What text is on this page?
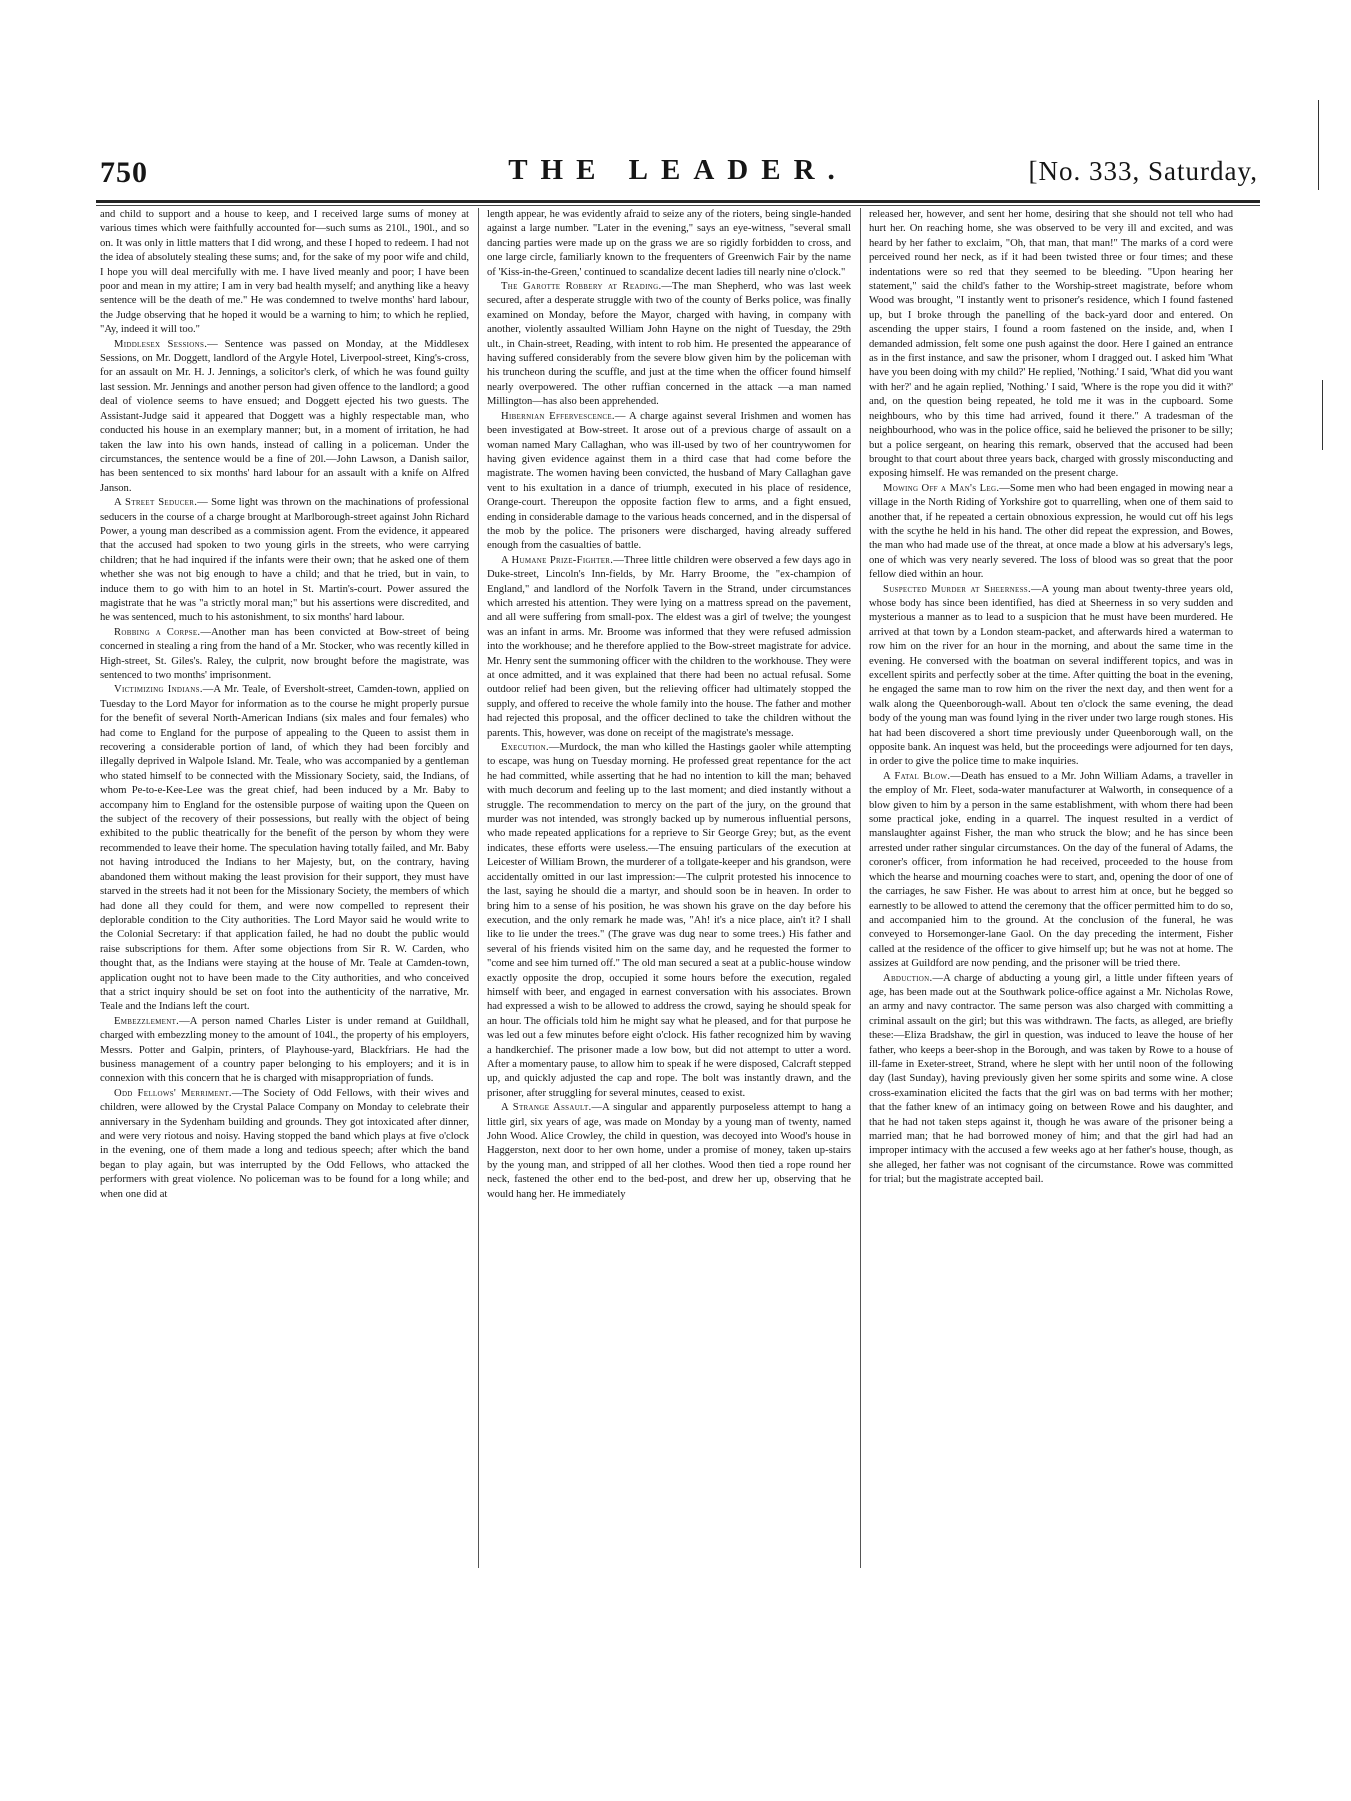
750	THE LEADER.	[No. 333, Saturday,

and child to support and a house to keep, and I received large sums of money at various times which were faithfully accounted for—such sums as 210l., 190l., and so on. It was only in little matters that I did wrong, and these I hoped to redeem. I had not the idea of absolutely stealing these sums; and, for the sake of my poor wife and child, I hope you will deal mercifully with me. I have lived meanly and poor; I have been poor and mean in my attire; I am in very bad health myself; and anything like a heavy sentence will be the death of me." He was condemned to twelve months' hard labour, the Judge observing that he hoped it would be a warning to him; to which he replied, "Ay, indeed it will too."

Middlesex Sessions.— Sentence was passed on Monday, at the Middlesex Sessions, on Mr. Doggett, landlord of the Argyle Hotel, Liverpool-street, King's-cross, for an assault on Mr. H. J. Jennings, a solicitor's clerk, of which he was found guilty last session. Mr. Jennings and another person had given offence to the landlord; a good deal of violence seems to have ensued; and Doggett ejected his two guests. The Assistant-Judge said it appeared that Doggett was a highly respectable man, who conducted his house in an exemplary manner; but, in a moment of irritation, he had taken the law into his own hands, instead of calling in a policeman. Under the circumstances, the sentence would be a fine of 20l.—John Lawson, a Danish sailor, has been sentenced to six months' hard labour for an assault with a knife on Alfred Janson.

A Street Seducer.— Some light was thrown on the machinations of professional seducers in the course of a charge brought at Marlborough-street against John Richard Power, a young man described as a commission agent. From the evidence, it appeared that the accused had spoken to two young girls in the streets, who were carrying children; that he had inquired if the infants were their own; that he asked one of them whether she was not big enough to have a child; and that he tried, but in vain, to induce them to go with him to an hotel in St. Martin's-court. Power assured the magistrate that he was "a strictly moral man;" but his assertions were discredited, and he was sentenced, much to his astonishment, to six months' hard labour.

Robbing a Corpse.—Another man has been convicted at Bow-street of being concerned in stealing a ring from the hand of a Mr. Stocker, who was recently killed in High-street, St. Giles's. Raley, the culprit, now brought before the magistrate, was sentenced to two months' imprisonment.

Victimizing Indians.—A Mr. Teale, of Eversholt-street, Camden-town, applied on Tuesday to the Lord Mayor for information as to the course he might properly pursue for the benefit of several North-American Indians (six males and four females) who had come to England for the purpose of appealing to the Queen to assist them in recovering a considerable portion of land, of which they had been forcibly and illegally deprived in Walpole Island. Mr. Teale, who was accompanied by a gentleman who stated himself to be connected with the Missionary Society, said, the Indians, of whom Pe-to-e-Kee-Lee was the great chief, had been induced by a Mr. Baby to accompany him to England for the ostensible purpose of waiting upon the Queen on the subject of the recovery of their possessions, but really with the object of being exhibited to the public theatrically for the benefit of the person by whom they were recommended to leave their home. The speculation having totally failed, and Mr. Baby not having introduced the Indians to her Majesty, but, on the contrary, having abandoned them without making the least provision for their support, they must have starved in the streets had it not been for the Missionary Society, the members of which had done all they could for them, and were now compelled to represent their deplorable condition to the City authorities. The Lord Mayor said he would write to the Colonial Secretary: if that application failed, he had no doubt the public would raise subscriptions for them. After some objections from Sir R. W. Carden, who thought that, as the Indians were staying at the house of Mr. Teale at Camden-town, application ought not to have been made to the City authorities, and who conceived that a strict inquiry should be set on foot into the authenticity of the narrative, Mr. Teale and the Indians left the court.

Embezzlement.—A person named Charles Lister is under remand at Guildhall, charged with embezzling money to the amount of 104l., the property of his employers, Messrs. Potter and Galpin, printers, of Playhouse-yard, Blackfriars. He had the business management of a country paper belonging to his employers; and it is in connexion with this concern that he is charged with misappropriation of funds.

Odd Fellows' Merriment.—The Society of Odd Fellows, with their wives and children, were allowed by the Crystal Palace Company on Monday to celebrate their anniversary in the Sydenham building and grounds. They got intoxicated after dinner, and were very riotous and noisy. Having stopped the band which plays at five o'clock in the evening, one of them made a long and tedious speech; after which the band began to play again, but was interrupted by the Odd Fellows, who attacked the performers with great violence. No policeman was to be found for a long while; and when one did at

length appear, he was evidently afraid to seize any of the rioters, being single-handed against a large number. "Later in the evening," says an eye-witness, "several small dancing parties were made up on the grass we are so rigidly forbidden to cross, and one large circle, familiarly known to the frequenters of Greenwich Fair by the name of 'Kiss-in-the-Green,' continued to scandalize decent ladies till nearly nine o'clock."

The Garotte Robbery at Reading.—The man Shepherd, who was last week secured, after a desperate struggle with two of the county of Berks police, was finally examined on Monday, before the Mayor, charged with having, in company with another, violently assaulted William John Hayne on the night of Tuesday, the 29th ult., in Chain-street, Reading, with intent to rob him. He presented the appearance of having suffered considerably from the severe blow given him by the policeman with his truncheon during the scuffle, and just at the time when the officer found himself nearly overpowered. The other ruffian concerned in the attack —a man named Millington—has also been apprehended.

Hibernian Effervescence.— A charge against several Irishmen and women has been investigated at Bow-street. It arose out of a previous charge of assault on a woman named Mary Callaghan, who was ill-used by two of her countrywomen for having given evidence against them in a third case that had come before the magistrate. The women having been convicted, the husband of Mary Callaghan gave vent to his exultation in a dance of triumph, executed in his place of residence, Orange-court. Thereupon the opposite faction flew to arms, and a fight ensued, ending in considerable damage to the various heads concerned, and in the dispersal of the mob by the police. The prisoners were discharged, having already suffered enough from the casualties of battle.

A Humane Prize-Fighter.—Three little children were observed a few days ago in Duke-street, Lincoln's Inn-fields, by Mr. Harry Broome, the "ex-champion of England," and landlord of the Norfolk Tavern in the Strand, under circumstances which arrested his attention. They were lying on a mattress spread on the pavement, and all were suffering from small-pox. The eldest was a girl of twelve; the youngest was an infant in arms. Mr. Broome was informed that they were refused admission into the workhouse; and he therefore applied to the Bow-street magistrate for advice. Mr. Henry sent the summoning officer with the children to the workhouse. They were at once admitted, and it was explained that there had been no actual refusal. Some outdoor relief had been given, but the relieving officer had ultimately stopped the supply, and offered to receive the whole family into the house. The father and mother had rejected this proposal, and the officer declined to take the children without the parents. This, however, was done on receipt of the magistrate's message.

Execution.—Murdock, the man who killed the Hastings gaoler while attempting to escape, was hung on Tuesday morning. He professed great repentance for the act he had committed, while asserting that he had no intention to kill the man; behaved with much decorum and feeling up to the last moment; and died instantly without a struggle. The recommendation to mercy on the part of the jury, on the ground that murder was not intended, was strongly backed up by numerous influential persons, who made repeated applications for a reprieve to Sir George Grey; but, as the event indicates, these efforts were useless.—The ensuing particulars of the execution at Leicester of William Brown, the murderer of a tollgate-keeper and his grandson, were accidentally omitted in our last impression:—The culprit protested his innocence to the last, saying he should die a martyr, and should soon be in heaven. In order to bring him to a sense of his position, he was shown his grave on the day before his execution, and the only remark he made was, "Ah! it's a nice place, ain't it? I shall like to lie under the trees." (The grave was dug near to some trees.) His father and several of his friends visited him on the same day, and he requested the former to "come and see him turned off." The old man secured a seat at a public-house window exactly opposite the drop, occupied it some hours before the execution, regaled himself with beer, and engaged in earnest conversation with his associates. Brown had expressed a wish to be allowed to address the crowd, saying he should speak for an hour. The officials told him he might say what he pleased, and for that purpose he was led out a few minutes before eight o'clock. His father recognized him by waving a handkerchief. The prisoner made a low bow, but did not attempt to utter a word. After a momentary pause, to allow him to speak if he were disposed, Calcraft stepped up, and quickly adjusted the cap and rope. The bolt was instantly drawn, and the prisoner, after struggling for several minutes, ceased to exist.

A Strange Assault.—A singular and apparently purposeless attempt to hang a little girl, six years of age, was made on Monday by a young man of twenty, named John Wood. Alice Crowley, the child in question, was decoyed into Wood's house in Haggerston, next door to her own home, under a promise of money, taken up-stairs by the young man, and stripped of all her clothes. Wood then tied a rope round her neck, fastened the other end to the bed-post, and drew her up, observing that he would hang her. He immediately

released her, however, and sent her home, desiring that she should not tell who had hurt her. On reaching home, she was observed to be very ill and excited, and was heard by her father to exclaim, "Oh, that man, that man!" The marks of a cord were perceived round her neck, as if it had been twisted three or four times; and these indentations were so red that they seemed to be bleeding. "Upon hearing her statement," said the child's father to the Worship-street magistrate, before whom Wood was brought, "I instantly went to prisoner's residence, which I found fastened up, but I broke through the panelling of the back-yard door and entered. On ascending the upper stairs, I found a room fastened on the inside, and, when I demanded admission, felt some one push against the door. Here I gained an entrance as in the first instance, and saw the prisoner, whom I dragged out. I asked him 'What have you been doing with my child?' He replied, 'Nothing.' I said, 'What did you want with her?' and he again replied, 'Nothing.' I said, 'Where is the rope you did it with?' and, on the question being repeated, he told me it was in the cupboard. Some neighbours, who by this time had arrived, found it there." A tradesman of the neighbourhood, who was in the police office, said he believed the prisoner to be silly; but a police sergeant, on hearing this remark, observed that the accused had been brought to that court about three years back, charged with grossly misconducting and exposing himself. He was remanded on the present charge.

Mowing Off a Man's Leg.—Some men who had been engaged in mowing near a village in the North Riding of Yorkshire got to quarrelling, when one of them said to another that, if he repeated a certain obnoxious expression, he would cut off his legs with the scythe he held in his hand. The other did repeat the expression, and Bowes, the man who had made use of the threat, at once made a blow at his adversary's legs, one of which was very nearly severed. The loss of blood was so great that the poor fellow died within an hour.

Suspected Murder at Sheerness.—A young man about twenty-three years old, whose body has since been identified, has died at Sheerness in so very sudden and mysterious a manner as to lead to a suspicion that he must have been murdered. He arrived at that town by a London steam-packet, and afterwards hired a waterman to row him on the river for an hour in the morning, and about the same time in the evening. He conversed with the boatman on several indifferent topics, and was in excellent spirits and perfectly sober at the time. After quitting the boat in the evening, he engaged the same man to row him on the river the next day, and then went for a walk along the Queenborough-wall. About ten o'clock the same evening, the dead body of the young man was found lying in the river under two large rough stones. His hat had been discovered a short time previously under Queenborough wall, on the opposite bank. An inquest was held, but the proceedings were adjourned for ten days, in order to give the police time to make inquiries.

A Fatal Blow.—Death has ensued to a Mr. John William Adams, a traveller in the employ of Mr. Fleet, soda-water manufacturer at Walworth, in consequence of a blow given to him by a person in the same establishment, with whom there had been some practical joke, ending in a quarrel. The inquest resulted in a verdict of manslaughter against Fisher, the man who struck the blow; and he has since been arrested under rather singular circumstances. On the day of the funeral of Adams, the coroner's officer, from information he had received, proceeded to the house from which the hearse and mourning coaches were to start, and, opening the door of one of the carriages, he saw Fisher. He was about to arrest him at once, but he begged so earnestly to be allowed to attend the ceremony that the officer permitted him to do so, and accompanied him to the ground. At the conclusion of the funeral, he was conveyed to Horsemonger-lane Gaol. On the day preceding the interment, Fisher called at the residence of the officer to give himself up; but he was not at home. The assizes at Guildford are now pending, and the prisoner will be tried there.

Abduction.—A charge of abducting a young girl, a little under fifteen years of age, has been made out at the Southwark police-office against a Mr. Nicholas Rowe, an army and navy contractor. The same person was also charged with committing a criminal assault on the girl; but this was withdrawn. The facts, as alleged, are briefly these:—Eliza Bradshaw, the girl in question, was induced to leave the house of her father, who keeps a beer-shop in the Borough, and was taken by Rowe to a house of ill-fame in Exeter-street, Strand, where he slept with her until noon of the following day (last Sunday), having previously given her some spirits and some wine. A close cross-examination elicited the facts that the girl was on bad terms with her mother; that the father knew of an intimacy going on between Rowe and his daughter, and that he had not taken steps against it, though he was aware of the prisoner being a married man; that he had borrowed money of him; and that the girl had had an improper intimacy with the accused a few weeks ago at her father's house, though, as she alleged, her father was not cognisant of the circumstance. Rowe was committed for trial; but the magistrate accepted bail.
